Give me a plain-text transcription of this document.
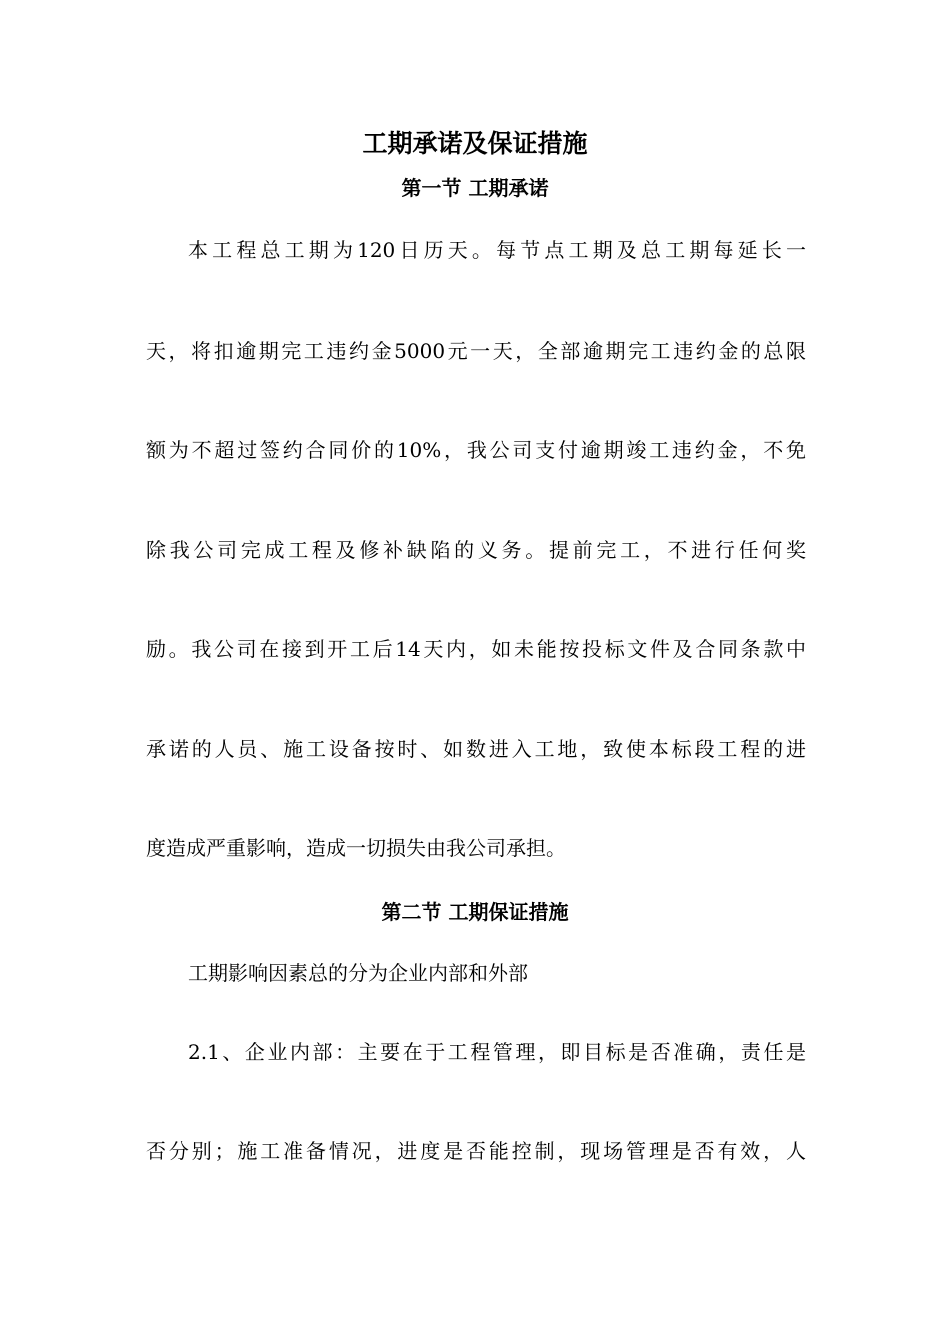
工期承诺及保证措施
第一节 工期承诺
本工程总工期为120日历天。每节点工期及总工期每延长一
天，将扣逾期完工违约金5000元一天，全部逾期完工违约金的总限
额为不超过签约合同价的10%，我公司支付逾期竣工违约金，不免
除我公司完成工程及修补缺陷的义务。提前完工，不进行任何奖
励。我公司在接到开工后14天内，如未能按投标文件及合同条款中
承诺的人员、施工设备按时、如数进入工地，致使本标段工程的进
度造成严重影响，造成一切损失由我公司承担。
第二节 工期保证措施
工期影响因素总的分为企业内部和外部
2.1、企业内部：主要在于工程管理，即目标是否准确，责任是
否分别；施工准备情况，进度是否能控制，现场管理是否有效，人
